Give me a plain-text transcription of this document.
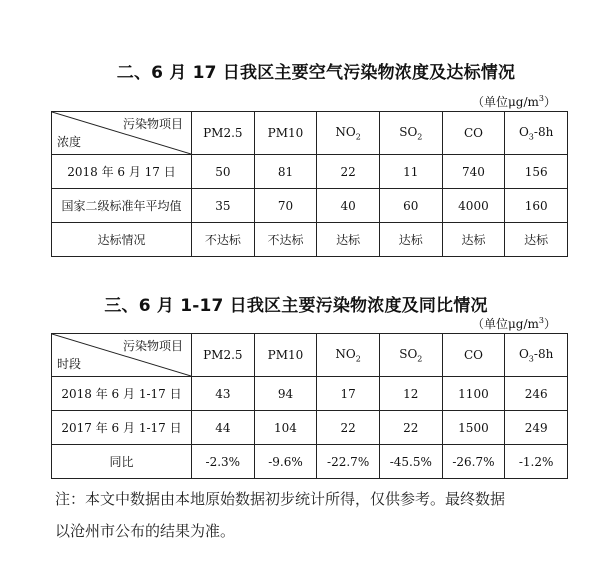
二、6 月 17 日我区主要空气污染物浓度及达标情况
（单位$\mu g/m^3$）
污染物项目
浓度	PM2.5	PM10	$NO_2$	$SO_2$	CO	$O_3-8h$
2018 年 6 月 17 日	50	81	22	11	740	156
国家二级标准年平均值	35	70	40	60	4000	160
达标情况	不达标	不达标	达标	达标	达标	达标
三、6 月 1-17 日我区主要污染物浓度及同比情况
（单位$\mu g/m^3$）
污染物项目
时段	PM2.5	PM10	$NO_2$	$SO_2$	CO	$O_3-8h$
2018 年 6 月 1-17 日	43	94	17	12	1100	246
2017 年 6 月 1-17 日	44	104	22	22	1500	249
同比	-2.3%	-9.6%	-22.7%	-45.5%	-26.7%	-1.2%
注：本文中数据由本地原始数据初步统计所得，仅供参考。最终数据
以沧州市公布的结果为准。
